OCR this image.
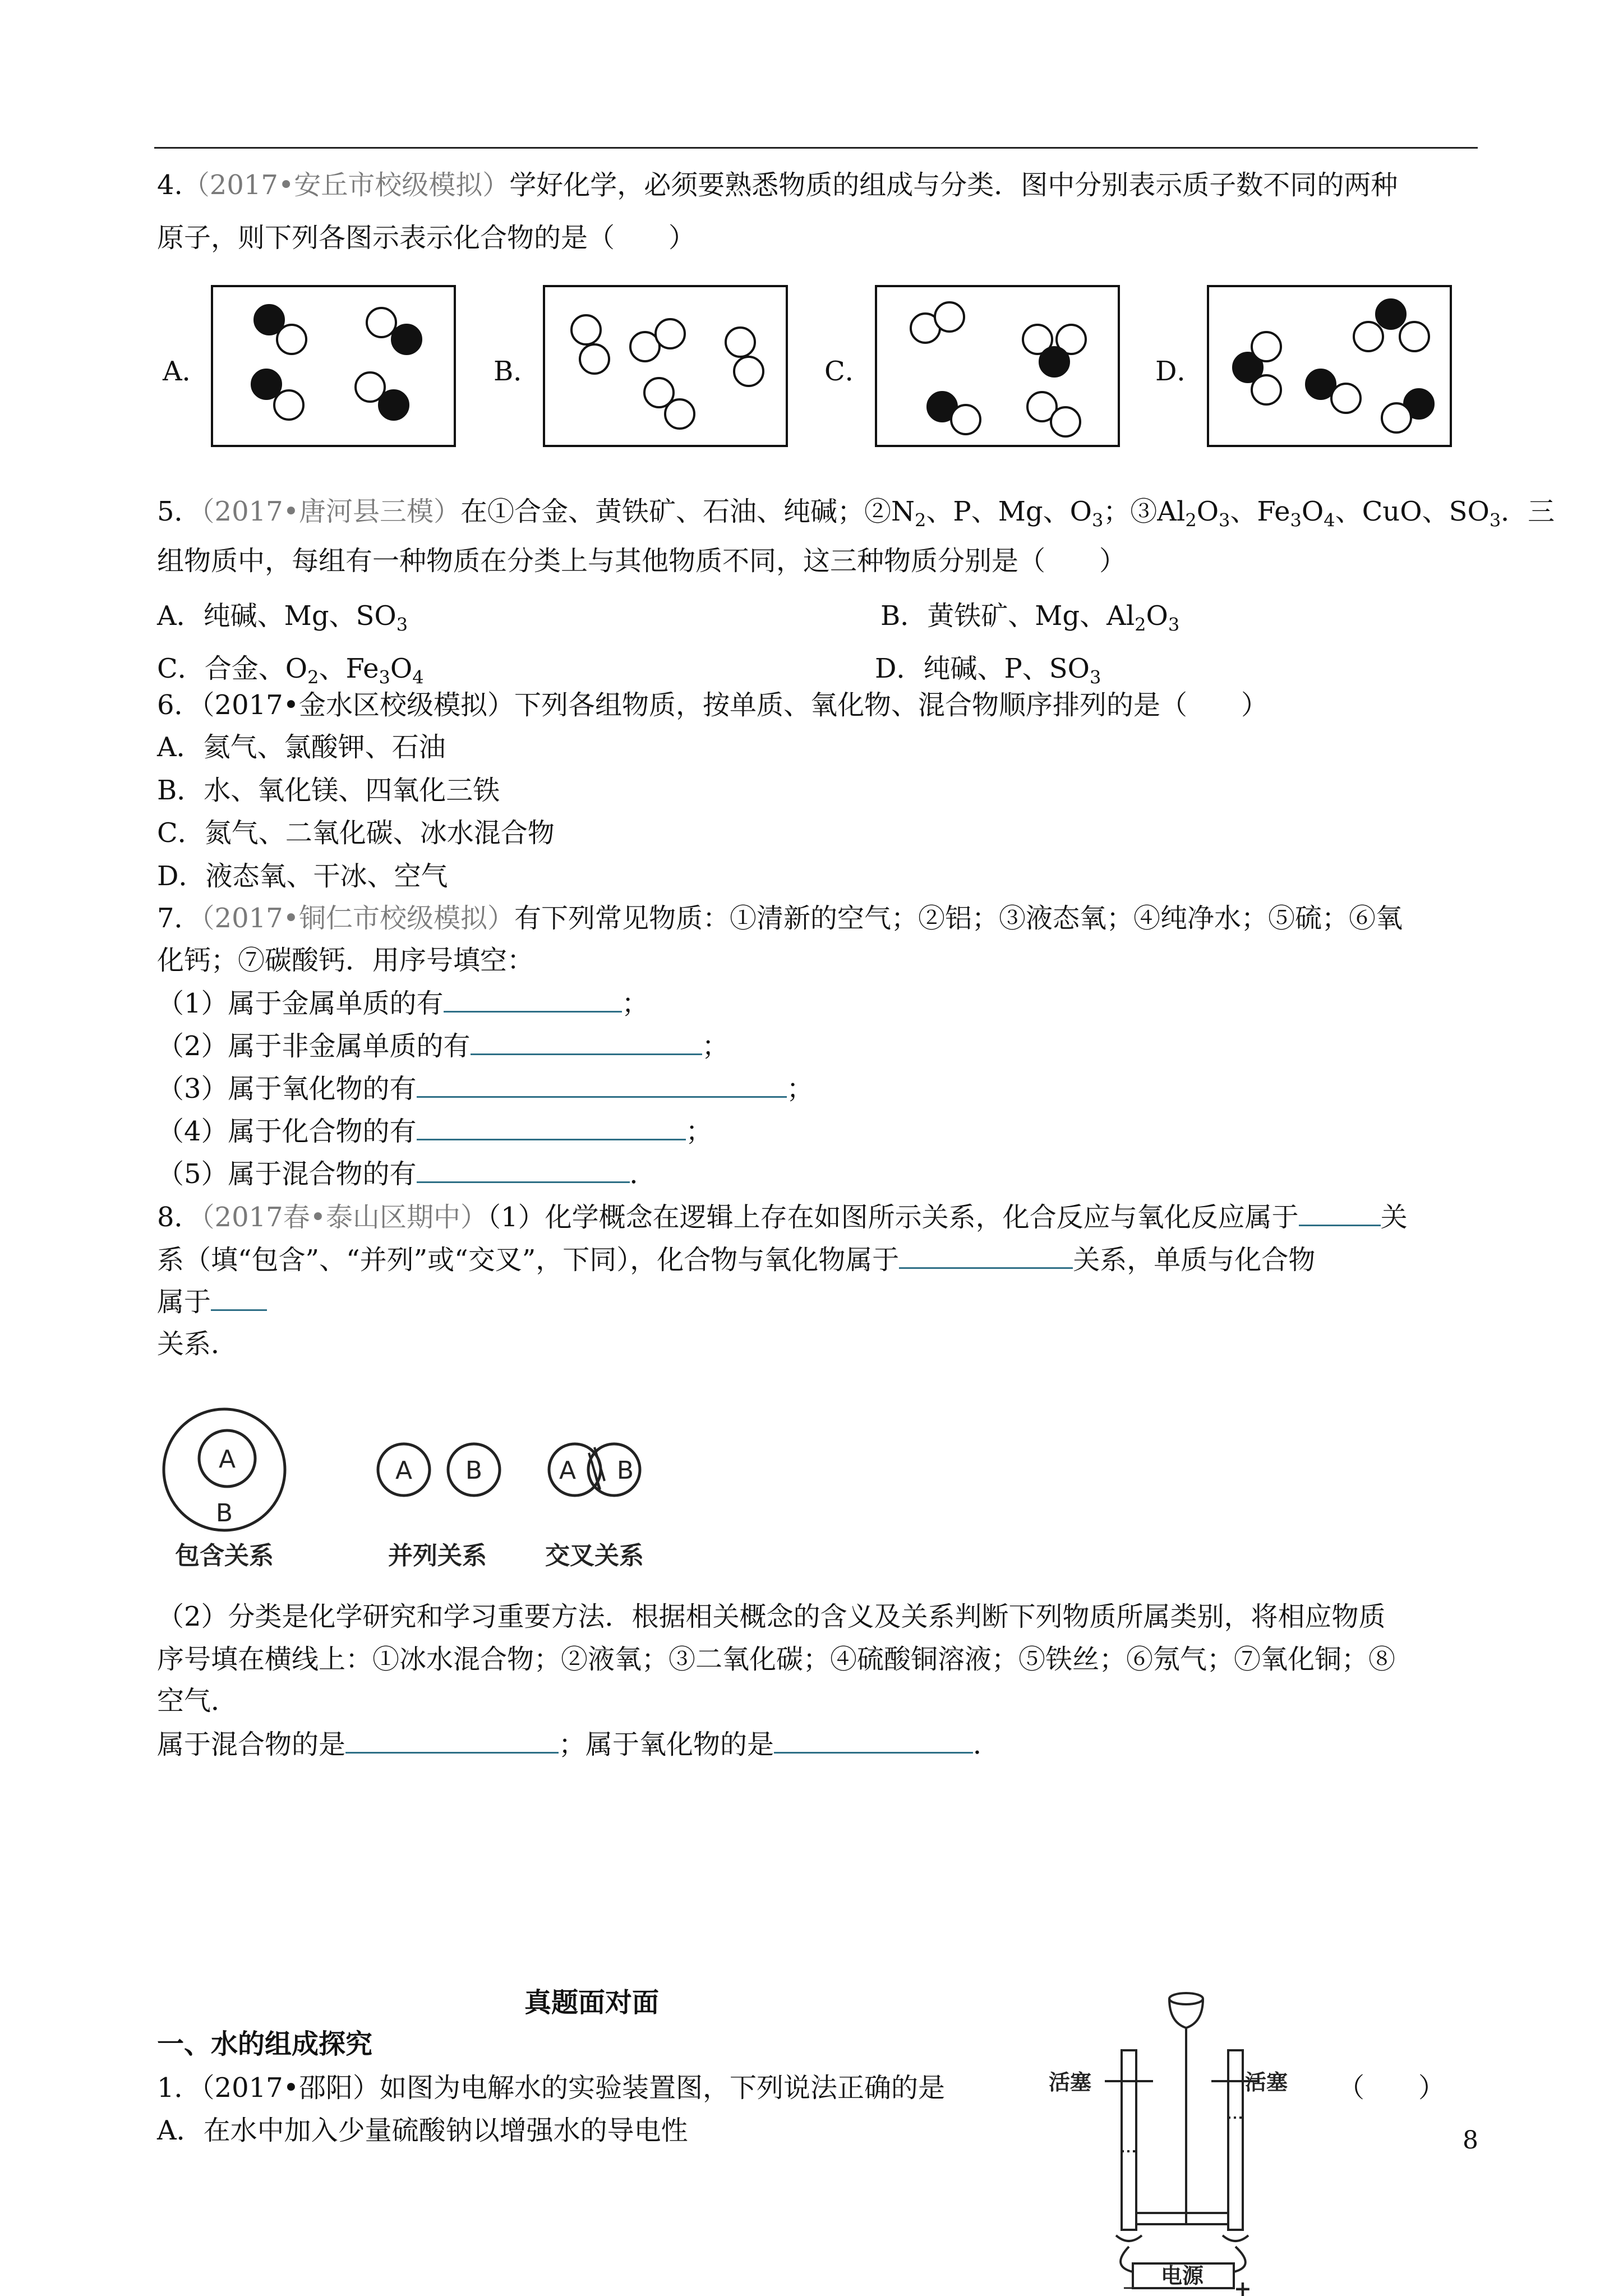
4.（2017•安丘市校级模拟）学好化学，必须要熟悉物质的组成与分类．图中分别表示质子数不同的两种
原子，则下列各图示表示化合物的是（　　）
A．	B．	C．	D．
5．（2017•唐河县三模）在①合金、黄铁矿、石油、纯碱；$②N_2$、P、Mg、$O_3$；$③Al_2O_3$、$Fe_3O_4$、CuO、$SO_3$．三
组物质中，每组有一种物质在分类上与其他物质不同，这三种物质分别是（　　）
A．纯碱、Mg、$SO_3$	B．黄铁矿、Mg、$Al_2O_3$
C．合金、$O_2$、$Fe_3O_4$	D．纯碱、P、$SO_3$
6．（2017•金水区校级模拟）下列各组物质，按单质、氧化物、混合物顺序排列的是（　　）
A．氦气、氯酸钾、石油
B．水、氧化镁、四氧化三铁
C．氮气、二氧化碳、冰水混合物
D．液态氧、干冰、空气
7．（2017•铜仁市校级模拟）有下列常见物质：①清新的空气；②铝；③液态氧；④纯净水；⑤硫；⑥氧
化钙；⑦碳酸钙．用序号填空：
（1）属于金属单质的有	；
（2）属于非金属单质的有	；
（3）属于氧化物的有	；
（4）属于化合物的有	；
（5）属于混合物的有	．
8．（2017春•泰山区期中）（1）化学概念在逻辑上存在如图所示关系，化合反应与氧化反应属于	关
系（填“包含”、“并列”或“交叉”，下同），化合物与氧化物属于	关系，单质与化合物
属于
关系．
A
B
A B	A B
包含关系	并列关系 交叉关系
（2）分类是化学研究和学习重要方法．根据相关概念的含义及关系判断下列物质所属类别，将相应物质
序号填在横线上：①冰水混合物；②液氧；③二氧化碳；④硫酸铜溶液；⑤铁丝；⑥氖气；⑦氧化铜；⑧
空气．
属于混合物的是	；属于氧化物的是	．
真题面对面
一、水的组成探究
1．（2017•邵阳）如图为电解水的实验装置图，下列说法正确的是	（　　）
A．在水中加入少量硫酸钠以增强水的导电性
活塞	活塞
电源
－	+
8
